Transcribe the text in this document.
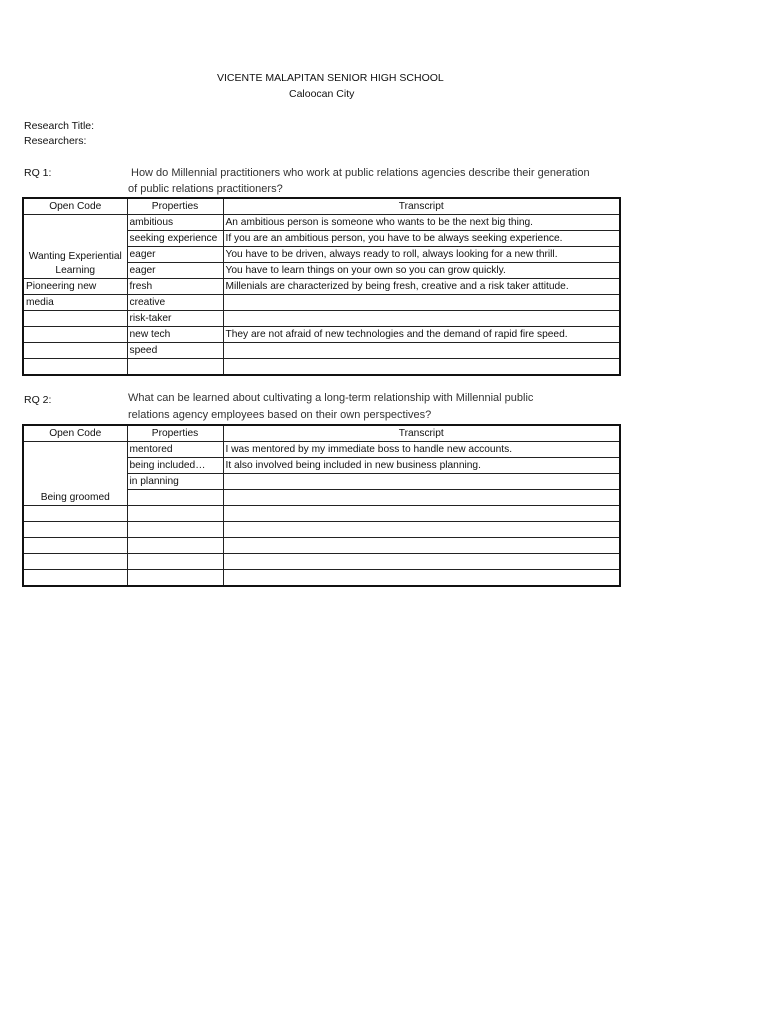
VICENTE MALAPITAN SENIOR HIGH SCHOOL
Caloocan City
Research Title:
Researchers:
RQ 1:	How do Millennial practitioners who work at public relations agencies describe their generation
of public relations practitioners?
Open Code	Properties	Transcript
Wanting Experiential Learning	ambitious	An ambitious person is someone who wants to be the next big thing.
	seeking experience	If you are an ambitious person, you have to be always seeking experience.
	eager	You have to be driven, always ready to roll, always looking for a new thrill.
	eager	You have to learn things on your own so you can grow quickly.
Pioneering new	fresh	Millenials are characterized by being fresh, creative and a risk taker attitude.
media	creative	
	risk-taker	
	new tech	They are not afraid of new technologies and the demand of rapid fire speed.
	speed	

RQ 2:	What can be learned about cultivating a long-term relationship with Millennial public
relations agency employees based on their own perspectives?
Open Code	Properties	Transcript
Being groomed	mentored	I was mentored by my immediate boss to handle new accounts.
	being included…	It also involved being included in new business planning.
	in planning	
